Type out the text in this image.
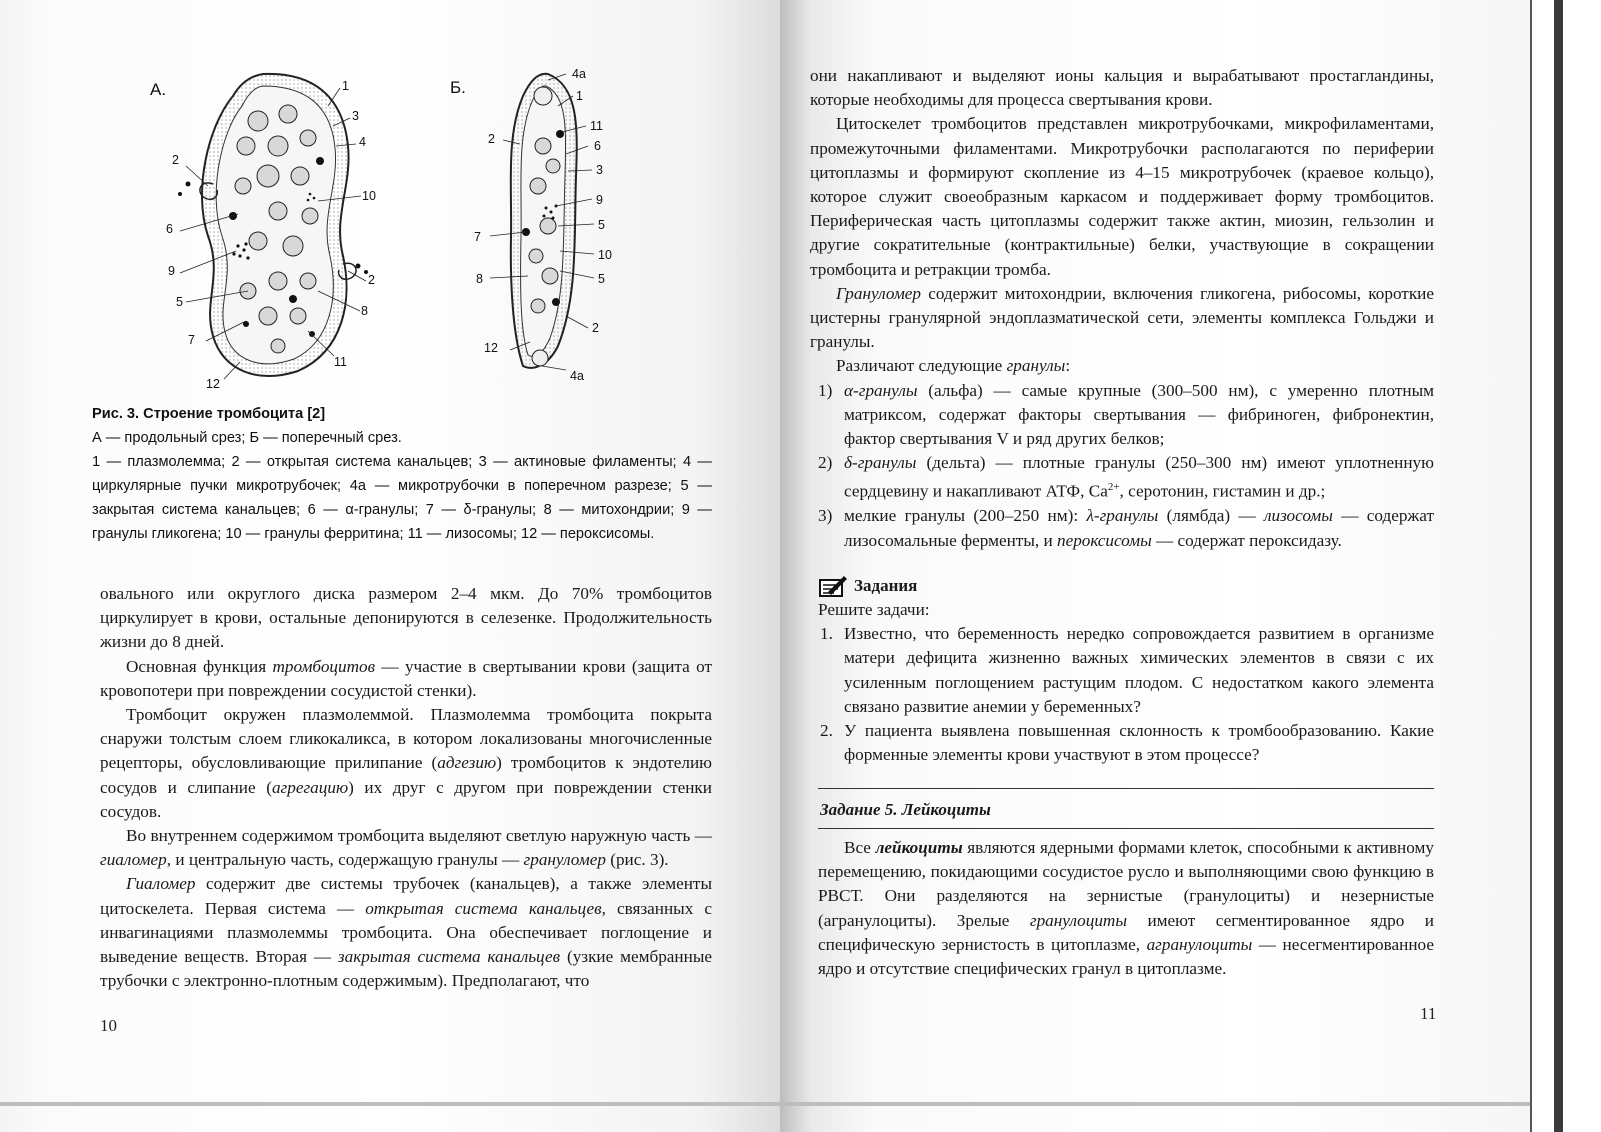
А.	Б.
1
3
4
2
10
6
9
2
5
8
7
11
12
4а
1
11
2	6
3
9
5
7
10
8	5
2
12
4а
Рис. 3. Строение тромбоцита [2]
А — продольный срез; Б — поперечный срез.
1 — плазмолемма; 2 — открытая система канальцев; 3 — актиновые филаменты; 4 — циркулярные пучки микротрубочек; 4а — микротрубочки в поперечном разрезе; 5 — закрытая система канальцев; 6 — α-гранулы; 7 — δ-гранулы; 8 — митохондрии; 9 — гранулы гликогена; 10 — гранулы ферритина; 11 — лизосомы; 12 — пероксисомы.

овального или округлого диска размером 2–4 мкм. До 70% тромбоцитов циркулирует в крови, остальные депонируются в селезенке. Продолжительность жизни до 8 дней.

Основная функция тромбоцитов — участие в свертывании крови (защита от кровопотери при повреждении сосудистой стенки).

Тромбоцит окружен плазмолеммой. Плазмолемма тромбоцита покрыта снаружи толстым слоем гликокаликса, в котором локализованы многочисленные рецепторы, обусловливающие прилипание (адгезию) тромбоцитов к эндотелию сосудов и слипание (агрегацию) их друг с другом при повреждении стенки сосудов.

Во внутреннем содержимом тромбоцита выделяют светлую наружную часть — гиаломер, и центральную часть, содержащую гранулы — грануломер (рис. 3).

Гиаломер содержит две системы трубочек (канальцев), а также элементы цитоскелета. Первая система — открытая система канальцев, связанных с инвагинациями плазмолеммы тромбоцита. Она обеспечивает поглощение и выведение веществ. Вторая — закрытая система канальцев (узкие мембранные трубочки с электронно-плотным содержимым). Предполагают, что

10

они накапливают и выделяют ионы кальция и вырабатывают простагландины, которые необходимы для процесса свертывания крови.

Цитоскелет тромбоцитов представлен микротрубочками, микрофиламентами, промежуточными филаментами. Микротрубочки располагаются по периферии цитоплазмы и формируют скопление из 4–15 микротрубочек (краевое кольцо), которое служит своеобразным каркасом и поддерживает форму тромбоцитов. Периферическая часть цитоплазмы содержит также актин, миозин, гельзолин и другие сократительные (контрактильные) белки, участвующие в сокращении тромбоцита и ретракции тромба.

Грануломер содержит митохондрии, включения гликогена, рибосомы, короткие цистерны гранулярной эндоплазматической сети, элементы комплекса Гольджи и гранулы.

Различают следующие гранулы:

1) α-гранулы (альфа) — самые крупные (300–500 нм), с умеренно плотным матриксом, содержат факторы свертывания — фибриноген, фибронектин, фактор свертывания V и ряд других белков;
2) δ-гранулы (дельта) — плотные гранулы (250–300 нм) имеют уплотненную сердцевину и накапливают АТФ, $Ca^{2+}$, серотонин, гистамин и др.;
3) мелкие гранулы (200–250 нм): λ-гранулы (лямбда) — лизосомы — содержат лизосомальные ферменты, и пероксисомы — содержат пероксидазу.
Задания

Решите задачи:

1. Известно, что беременность нередко сопровождается развитием в организме матери дефицита жизненно важных химических элементов в связи с их усиленным поглощением растущим плодом. С недостатком какого элемента связано развитие анемии у беременных?
2. У пациента выявлена повышенная склонность к тромбообразованию. Какие форменные элементы крови участвуют в этом процессе?
Задание 5. Лейкоциты

Все лейкоциты являются ядерными формами клеток, способными к активному перемещению, покидающими сосудистое русло и выполняющими свою функцию в РВСТ. Они разделяются на зернистые (гранулоциты) и незернистые (агранулоциты). Зрелые гранулоциты имеют сегментированное ядро и специфическую зернистость в цитоплазме, агранулоциты — несегментированное ядро и отсутствие специфических гранул в цитоплазме.

11
